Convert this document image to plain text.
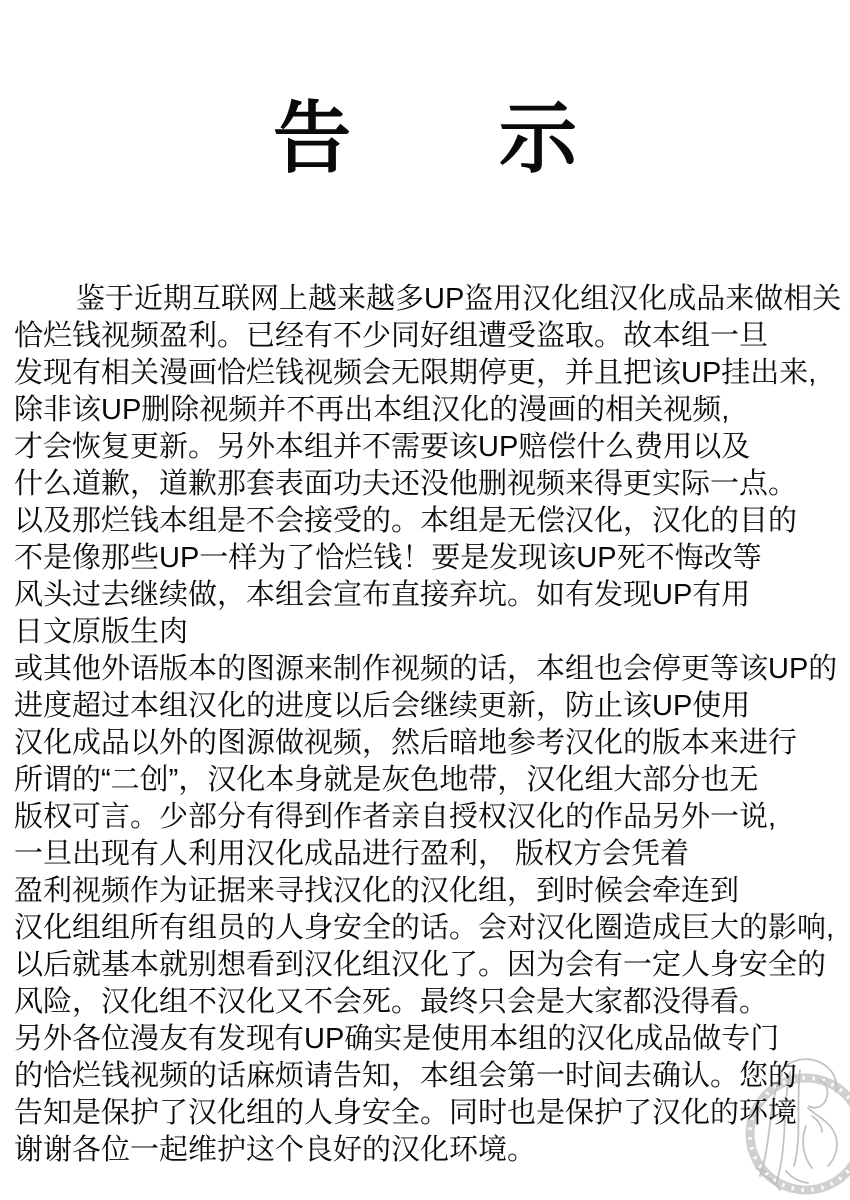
告 示
鉴于近期互联网上越来越多UP盗用汉化组汉化成品来做相关
恰烂钱视频盈利。已经有不少同好组遭受盗取。故本组一旦
发现有相关漫画恰烂钱视频会无限期停更，并且把该UP挂出来,
除非该UP删除视频并不再出本组汉化的漫画的相关视频,
才会恢复更新。另外本组并不需要该UP赔偿什么费用以及
什么道歉，道歉那套表面功夫还没他删视频来得更实际一点。
以及那烂钱本组是不会接受的。本组是无偿汉化，汉化的目的
不是像那些UP一样为了恰烂钱！要是发现该UP死不悔改等
风头过去继续做，本组会宣布直接弃坑。如有发现UP有用
日文原版生肉
或其他外语版本的图源来制作视频的话，本组也会停更等该UP的
进度超过本组汉化的进度以后会继续更新，防止该UP使用
汉化成品以外的图源做视频，然后暗地参考汉化的版本来进行
所谓的“二创”，汉化本身就是灰色地带，汉化组大部分也无
版权可言。少部分有得到作者亲自授权汉化的作品另外一说,
一旦出现有人利用汉化成品进行盈利， 版权方会凭着
盈利视频作为证据来寻找汉化的汉化组，到时候会牵连到
汉化组组所有组员的人身安全的话。会对汉化圈造成巨大的影响,
以后就基本就别想看到汉化组汉化了。因为会有一定人身安全的
风险，汉化组不汉化又不会死。最终只会是大家都没得看。
另外各位漫友有发现有UP确实是使用本组的汉化成品做专门
的恰烂钱视频的话麻烦请告知，本组会第一时间去确认。您的
告知是保护了汉化组的人身安全。同时也是保护了汉化的环境
谢谢各位一起维护这个良好的汉化环境。
